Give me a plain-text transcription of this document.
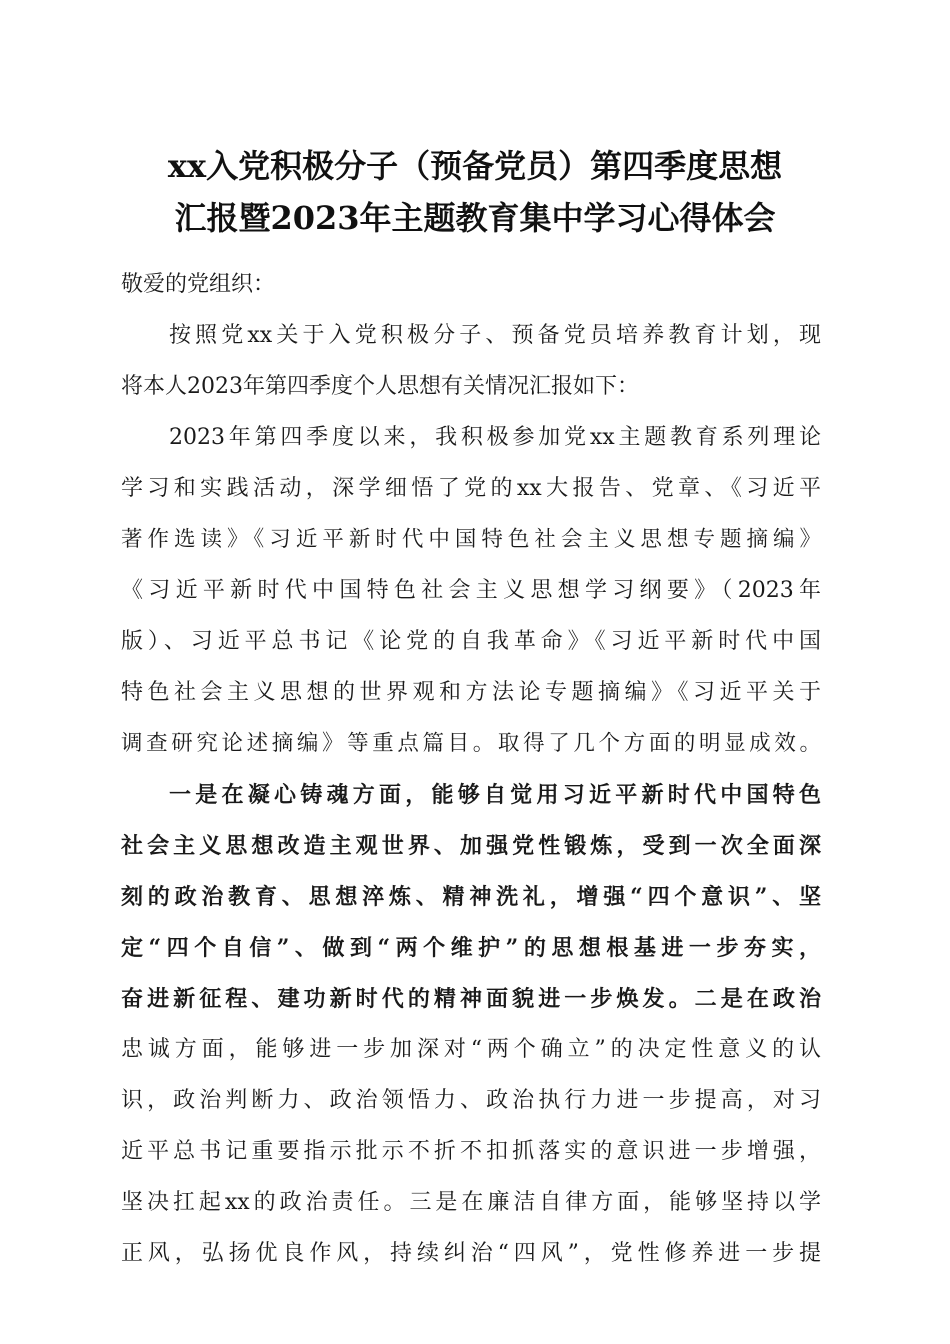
xx入党积极分子（预备党员）第四季度思想
汇报暨2023年主题教育集中学习心得体会
敬爱的党组织：
按照党xx关于入党积极分子、预备党员培养教育计划，现
将本人2023年第四季度个人思想有关情况汇报如下：
2023年第四季度以来，我积极参加党xx主题教育系列理论
学习和实践活动，深学细悟了党的xx大报告、党章、《习近平
著作选读》《习近平新时代中国特色社会主义思想专题摘编》
《习近平新时代中国特色社会主义思想学习纲要》（2023年
版）、习近平总书记《论党的自我革命》《习近平新时代中国
特色社会主义思想的世界观和方法论专题摘编》《习近平关于
调查研究论述摘编》等重点篇目。取得了几个方面的明显成效。
一是在凝心铸魂方面，能够自觉用习近平新时代中国特色
社会主义思想改造主观世界、加强党性锻炼，受到一次全面深
刻的政治教育、思想淬炼、精神洗礼，增强“四个意识”、坚
定“四个自信”、做到“两个维护”的思想根基进一步夯实，
奋进新征程、建功新时代的精神面貌进一步焕发。二是在政治
忠诚方面，能够进一步加深对“两个确立”的决定性意义的认
识，政治判断力、政治领悟力、政治执行力进一步提高，对习
近平总书记重要指示批示不折不扣抓落实的意识进一步增强，
坚决扛起xx的政治责任。三是在廉洁自律方面，能够坚持以学
正风，弘扬优良作风，持续纠治“四风”，党性修养进一步提
